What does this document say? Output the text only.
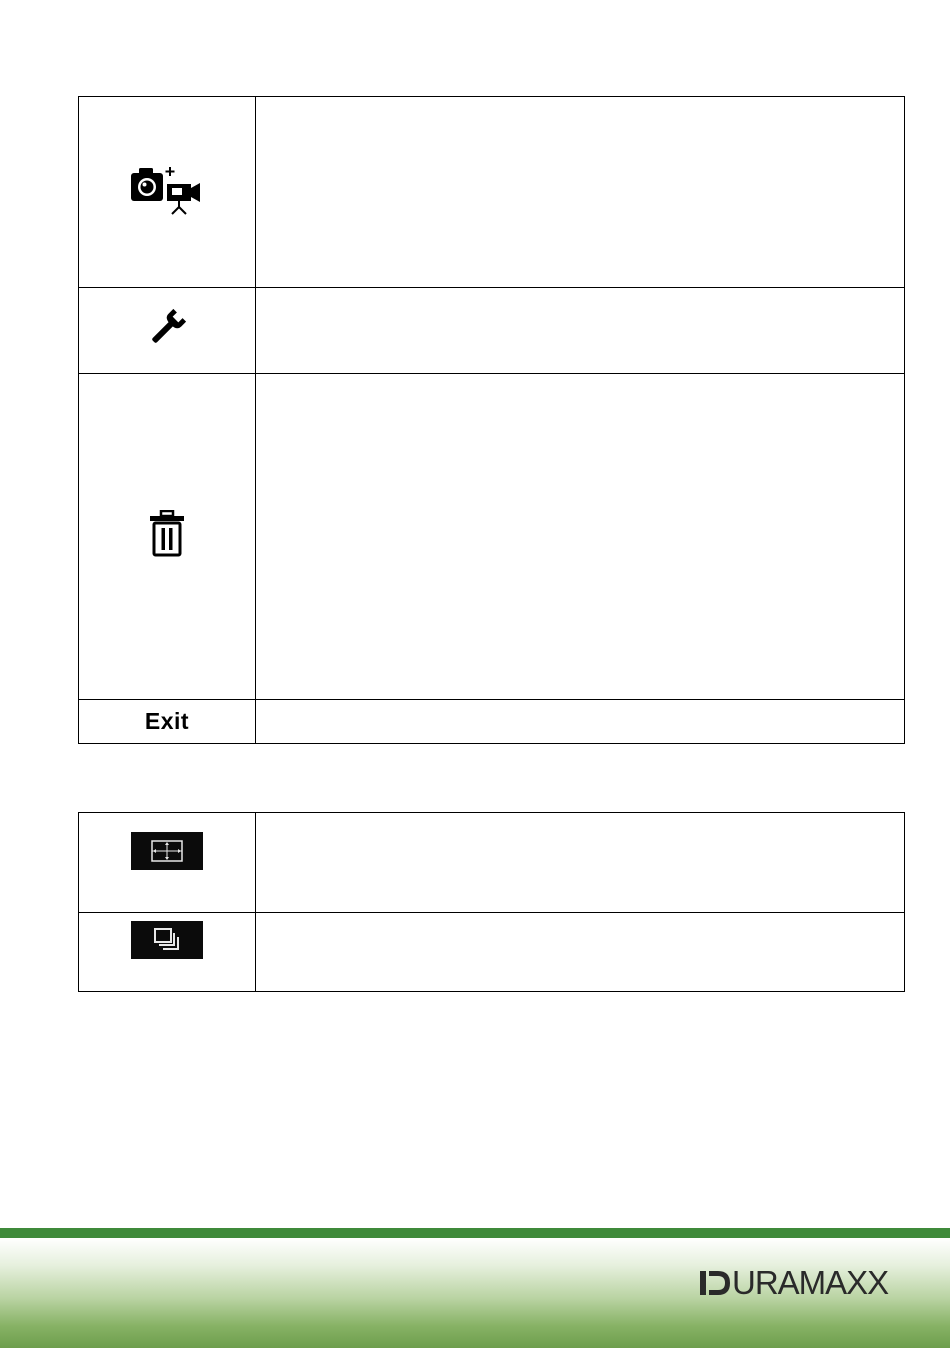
Exit	

URAMAXX
